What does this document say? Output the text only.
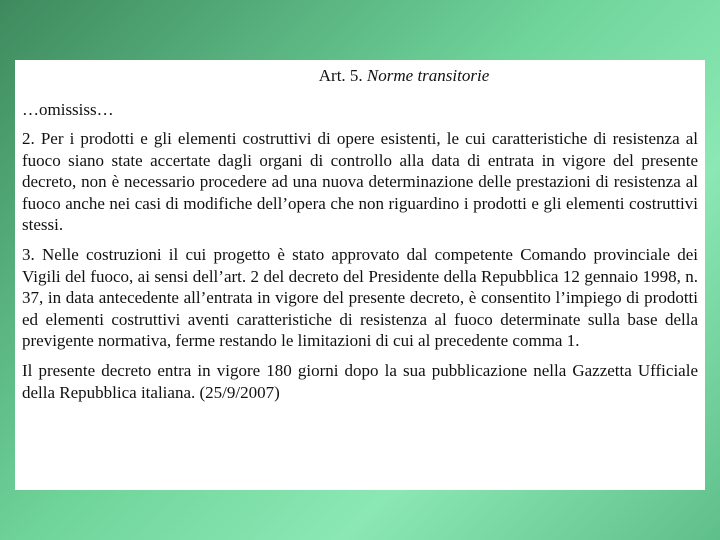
Art. 5. Norme transitorie
…omississ…
2. Per i prodotti e gli elementi costruttivi di opere esistenti, le cui caratteristiche di resistenza al fuoco siano state accertate dagli organi di controllo alla data di entrata in vigore del presente decreto, non è necessario procedere ad una nuova determinazione delle prestazioni di resistenza al fuoco anche nei casi di modifiche dell’opera che non riguardino i prodotti e gli elementi costruttivi stessi.
3. Nelle costruzioni il cui progetto è stato approvato dal competente Comando provinciale dei Vigili del fuoco, ai sensi dell’art. 2 del decreto del Presidente della Repubblica 12 gennaio 1998, n. 37, in data antecedente all’entrata in vigore del presente decreto, è consentito l’impiego di prodotti ed elementi costruttivi aventi caratteristiche di resistenza al fuoco determinate sulla base della previgente normativa, ferme restando le limitazioni di cui al precedente comma 1.
Il presente decreto entra in vigore 180 giorni dopo la sua pubblicazione nella Gazzetta Ufficiale della Repubblica italiana. (25/9/2007)
